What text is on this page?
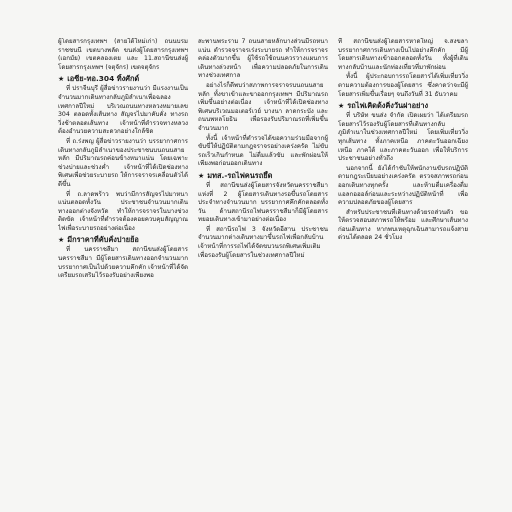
ผู้โดยสารกรุงเทพฯ (สายใต้ใหม่เก่า) ถนนบรมราชชนนี เขตบางพลัด ขนส่งผู้โดยสารกรุงเทพฯ (เอกมัย) เขตคลองเตย และ 11.สถานีขนส่งผู้โดยสารกรุงเทพฯ (จตุจักร) เขตจตุจักร

★ เอซีย-ทอ.304 ทิ้งศักด์

ที่ ปราจีนบุรี ผู้สื่อข่าวรายงานว่า มีแรงงานเป็นจำนวนมากเดินทางกลับภูมิลำเนาเพื่อฉลองเทศกาลปีใหม่ บริเวณถนนทางหลวงหมายเลข 304 ตลอดทั้งเส้นทาง สัญจรไปมาคับคั่ง ทางรถวิ่งช้าตลอดเส้นทาง เจ้าหน้าที่ตำรวจทางหลวงต้องอำนวยความสะดวกอย่างใกล้ชิด

ที่ ถ.ร่งพญ ผู้สื่อข่าวรายงานว่า บรรยากาศการเดินทางกลับภูมิลำเนาของประชาชนบนถนนสายหลัก มีปริมาณรถค่อนข้างหนาแน่น โดยเฉพาะช่วงบ่ายและช่วงค่ำ เจ้าหน้าที่ได้เปิดช่องทางพิเศษเพื่อช่วยระบายรถ ให้การจราจรเคลื่อนตัวได้ดีขึ้น

ที่ ถ.ลาดพร้าว พบว่ามีการสัญจรไปมาหนาแน่นตลอดทั้งวัน ประชาชนจำนวนมากเดินทางออกต่างจังหวัด ทำให้การจราจรในบางช่วงติดขัด เจ้าหน้าที่ตำรวจต้องคอยควบคุมสัญญาณไฟเพื่อระบายรถอย่างต่อเนื่อง

★ มีกราคาที่คับคั่งบ่ายย้อ

ที่ นครราชสีมา สถานีขนส่งผู้โดยสารนครราชสีมา มีผู้โดยสารเดินทางออกจำนวนมาก บรรยากาศเป็นไปด้วยความคึกคัก เจ้าหน้าที่ได้จัดเตรียมรถเสริมไว้รองรับอย่างเพียงพอ

สะพานพระราม 7 ถนนสายหลักบางส่วนมีรถหนาแน่น ตำรวจจราจรเร่งระบายรถ ทำให้การจราจรคล่องตัวมากขึ้น ผู้ใช้รถใช้ถนนควรวางแผนการเดินทางล่วงหน้า เพื่อความปลอดภัยในการเดินทางช่วงเทศกาล

อย่างไรก็ดีพบว่าสภาพการจราจรบนถนนสายหลัก ทั้งขาเข้าและขาออกกรุงเทพฯ มีปริมาณรถเพิ่มขึ้นอย่างต่อเนื่อง เจ้าหน้าที่ได้เปิดช่องทางพิเศษบริเวณมอเตอร์เวย์ บางนา ลาดกระบัง และถนนพหลโยธิน เพื่อรองรับปริมาณรถที่เพิ่มขึ้นจำนวนมาก

ทั้งนี้ เจ้าหน้าที่ตำรวจได้ขอความร่วมมือจากผู้ขับขี่ให้ปฏิบัติตามกฎจราจรอย่างเคร่งครัด ไม่ขับรถเร็วเกินกำหนด ไม่ดื่มแล้วขับ และพักผ่อนให้เพียงพอก่อนออกเดินทาง

★ มทส.-รถไฟคนรถยึ้ด

ที่ สถานีขนส่งผู้โดยสารจังหวัดนครราชสีมา แห่งที่ 2 ผู้โดยสารเดินทางรอขึ้นรถโดยสารประจำทางจำนวนมาก บรรยากาศคึกคักตลอดทั้งวัน ด้านสถานีรถไฟนครราชสีมาก็มีผู้โดยสารทยอยเดินทางเข้ามาอย่างต่อเนื่อง

ที่ สถานีรถไฟ 3 จังหวัดอีสาน ประชาชนจำนวนมากต่างเดินทางมาขึ้นรถไฟเพื่อกลับบ้าน เจ้าหน้าที่การรถไฟได้จัดขบวนรถพิเศษเพิ่มเติม เพื่อรองรับผู้โดยสารในช่วงเทศกาลปีใหม่

ที่ สถานีขนส่งผู้โดยสารหาดใหญ่ จ.สงขลา บรรยากาศการเดินทางเป็นไปอย่างคึกคัก มีผู้โดยสารเดินทางเข้าออกตลอดทั้งวัน ทั้งผู้ที่เดินทางกลับบ้านและนักท่องเที่ยวที่มาพักผ่อน

ทั้งนี้ ผู้ประกอบการรถโดยสารได้เพิ่มเที่ยววิ่งตามความต้องการของผู้โดยสาร ซึ่งคาดว่าจะมีผู้โดยสารเพิ่มขึ้นเรื่อยๆ จนถึงวันที่ 31 ธันวาคม

★ รถไฟเคิดด้งคิ่งวันผ่าอย่าง

ที่ บริษัท ขนส่ง จำกัด เปิดเผยว่า ได้เตรียมรถโดยสารไว้รองรับผู้โดยสารที่เดินทางกลับภูมิลำเนาในช่วงเทศกาลปีใหม่ โดยเพิ่มเที่ยววิ่งทุกเส้นทาง ทั้งภาคเหนือ ภาคตะวันออกเฉียงเหนือ ภาคใต้ และภาคตะวันออก เพื่อให้บริการประชาชนอย่างทั่วถึง

นอกจากนี้ ยังได้กำชับให้พนักงานขับรถปฏิบัติตามกฎระเบียบอย่างเคร่งครัด ตรวจสภาพรถก่อนออกเดินทางทุกครั้ง และห้ามดื่มเครื่องดื่มแอลกอฮอล์ก่อนและระหว่างปฏิบัติหน้าที่ เพื่อความปลอดภัยของผู้โดยสาร

สำหรับประชาชนที่เดินทางด้วยรถส่วนตัว ขอให้ตรวจสอบสภาพรถให้พร้อม และศึกษาเส้นทางก่อนเดินทาง หากพบเหตุฉุกเฉินสามารถแจ้งสายด่วนได้ตลอด 24 ชั่วโมง
